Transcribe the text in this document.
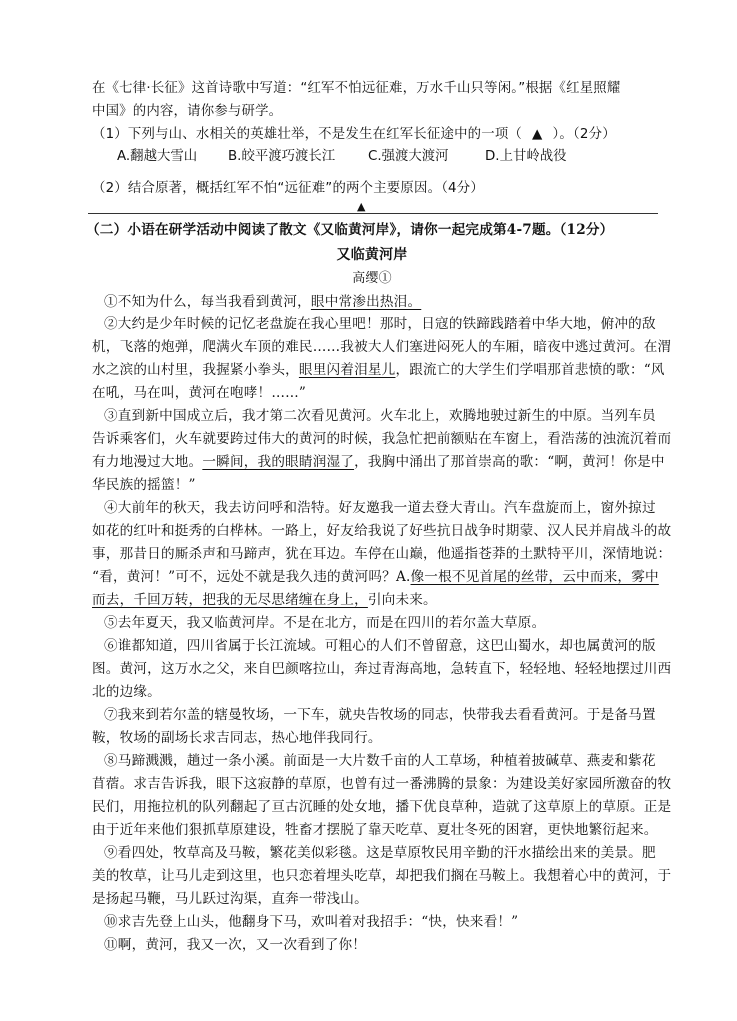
在《七律·长征》这首诗歌中写道：“红军不怕远征难，万水千山只等闲。”根据《红星照耀
中国》的内容，请你参与研学。
（1）下列与山、水相关的英雄壮举，不是发生在红军长征途中的一项（ ▲ ）。（2分）
A.翻越大雪山 B.皎平渡巧渡长江 C.强渡大渡河	D.上甘岭战役
（2）结合原著，概括红军不怕“远征难”的两个主要原因。（4分）
▲
（二）小语在研学活动中阅读了散文《又临黄河岸》，请你一起完成第4-7题。（12分）
又临黄河岸
高缨①
①不知为什么，每当我看到黄河，眼中常渗出热泪。
②大约是少年时候的记忆老盘旋在我心里吧！那时，日寇的铁蹄践踏着中华大地，俯冲的敌
机，飞落的炮弹，爬满火车顶的难民……我被大人们塞进闷死人的车厢，暗夜中逃过黄河。在渭
水之滨的山村里，我握紧小拳头，眼里闪着泪星儿，跟流亡的大学生们学唱那首悲愤的歌：“风
在吼，马在叫，黄河在咆哮！……”
③直到新中国成立后，我才第二次看见黄河。火车北上，欢腾地驶过新生的中原。当列车员
告诉乘客们，火车就要跨过伟大的黄河的时候，我急忙把前额贴在车窗上，看浩荡的浊流沉着而
有力地漫过大地。一瞬间，我的眼睛润湿了，我胸中涌出了那首崇高的歌：“啊，黄河！你是中
华民族的摇篮！”
④大前年的秋天，我去访问呼和浩特。好友邀我一道去登大青山。汽车盘旋而上，窗外掠过
如花的红叶和挺秀的白桦林。一路上，好友给我说了好些抗日战争时期蒙、汉人民并肩战斗的故
事，那昔日的厮杀声和马蹄声，犹在耳边。车停在山巅，他遥指苍莽的土默特平川，深情地说：
“看，黄河！”可不，远处不就是我久违的黄河吗？A.像一根不见首尾的丝带，云中而来，雾中
而去，千回万转，把我的无尽思绪缠在身上，引向未来。
⑤去年夏天，我又临黄河岸。不是在北方，而是在四川的若尔盖大草原。
⑥谁都知道，四川省属于长江流域。可粗心的人们不曾留意，这巴山蜀水，却也属黄河的版
图。黄河，这万水之父，来自巴颜喀拉山，奔过青海高地，急转直下，轻轻地、轻轻地摆过川西
北的边缘。
⑦我来到若尔盖的辖曼牧场，一下车，就央告牧场的同志，快带我去看看黄河。于是备马置
鞍，牧场的副场长求吉同志，热心地伴我同行。
⑧马蹄溅溅，趟过一条小溪。前面是一大片数千亩的人工草场，种植着披碱草、燕麦和紫花
苜蓿。求吉告诉我，眼下这寂静的草原，也曾有过一番沸腾的景象：为建设美好家园所激奋的牧
民们，用拖拉机的队列翻起了亘古沉睡的处女地，播下优良草种，造就了这草原上的草原。正是
由于近年来他们狠抓草原建设，牲畜才摆脱了靠天吃草、夏壮冬死的困窘，更快地繁衍起来。
⑨看四处，牧草高及马鞍，繁花美似彩毯。这是草原牧民用辛勤的汗水描绘出来的美景。肥
美的牧草，让马儿走到这里，也只恋着埋头吃草，却把我们搁在马鞍上。我想着心中的黄河，于
是扬起马鞭，马儿跃过沟渠，直奔一带浅山。
⑩求吉先登上山头，他翻身下马，欢叫着对我招手：“快，快来看！”
⑪啊，黄河，我又一次，又一次看到了你！
